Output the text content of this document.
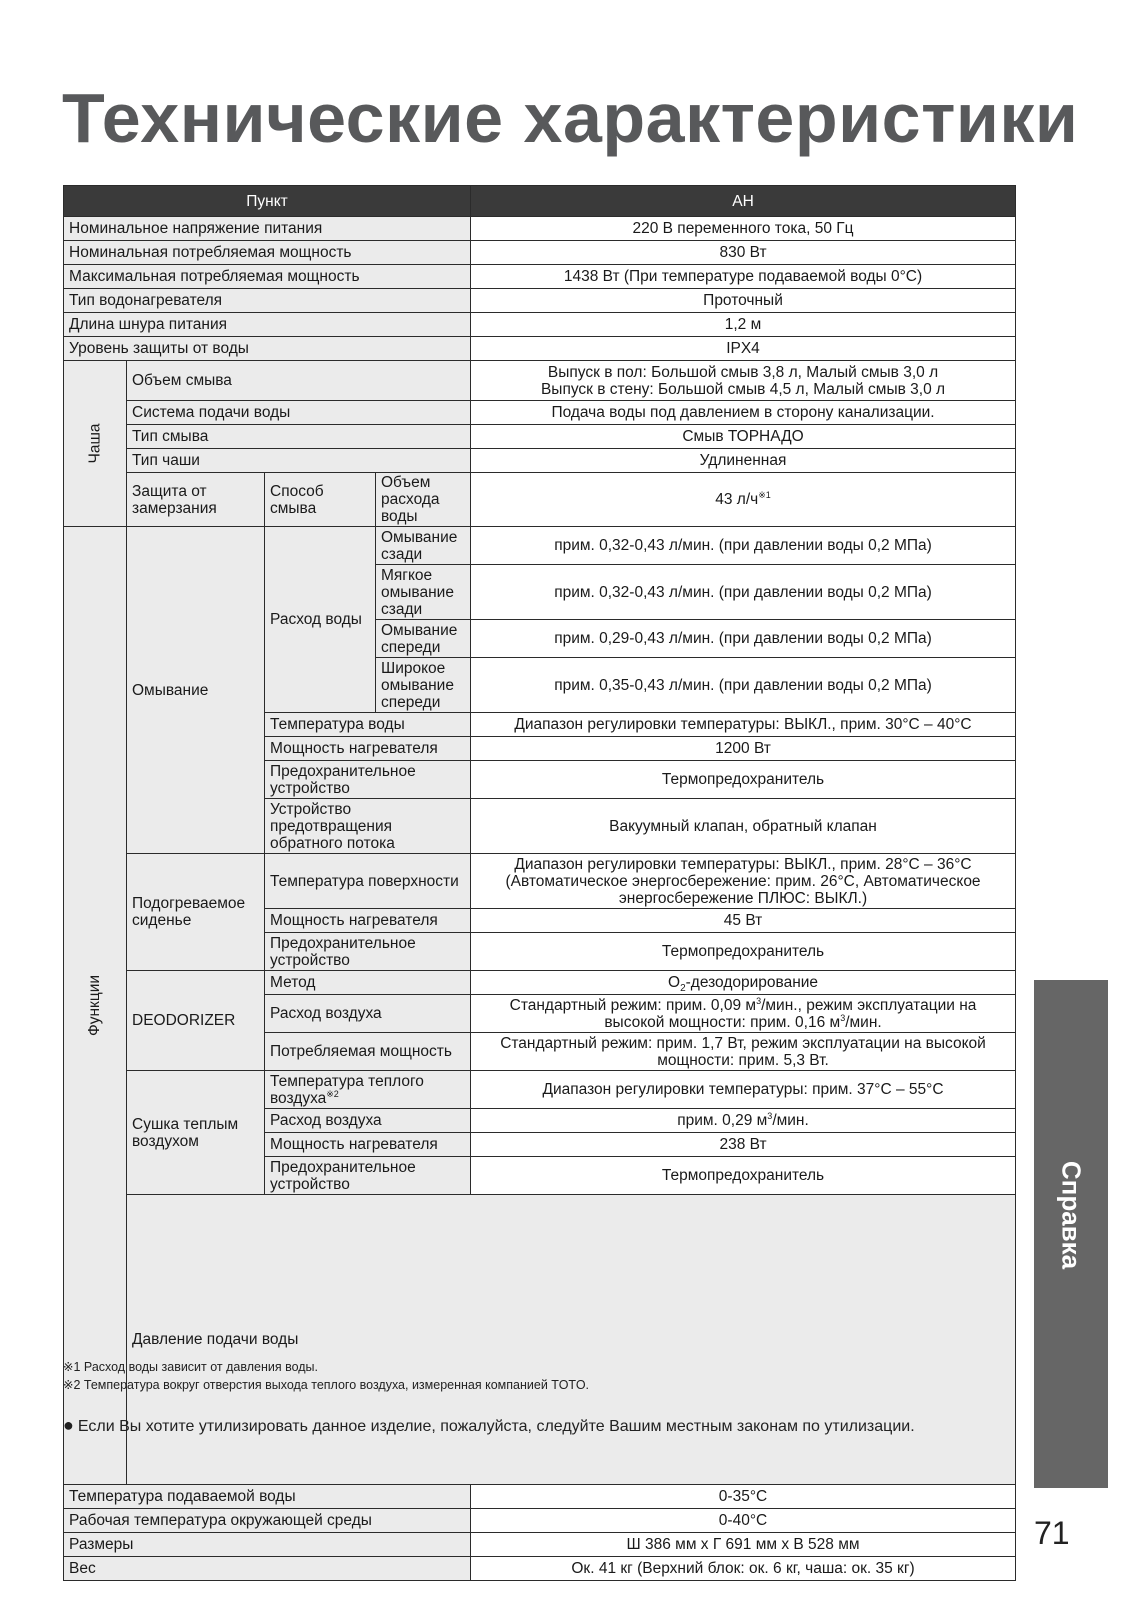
Технические характеристики
Пункт				AH	
Номинальное напряжение питания				220 В переменного тока, 50 Гц	
Номинальная потребляемая мощность				830 Вт	
Максимальная потребляемая мощность				1438 Вт (При температуре подаваемой воды 0°C)	
Тип водонагревателя				Проточный	
Длина шнура питания				1,2 м	
Уровень защиты от воды				IPX4	
Чаша	Объем смыва			Выпуск в пол: Большой смыв 3,8 л, Малый смыв 3,0 л
Выпуск в стену: Большой смыв 4,5 л, Малый смыв 3,0 л	

	Система подачи воды			Подача воды под давлением в сторону канализации.	
	Тип смыва			Смыв ТОРНАДО	
	Тип чаши			Удлиненная	
	Защита от замерзания	Способ смыва	Объем расхода воды	43 $л/ч^{※1}$
Функции	Омывание	Расход воды	Омывание сзади	прим. 0,32-0,43 л/мин. (при давлении воды 0,2 МПа)	
			Мягкое омывание сзади	прим. 0,32-0,43 л/мин. (при давлении воды 0,2 МПа)	
			Омывание спереди	прим. 0,29-0,43 л/мин. (при давлении воды 0,2 МПа)	
			Широкое омывание спереди	прим. 0,35-0,43 л/мин. (при давлении воды 0,2 МПа)	
		Температура воды		Диапазон регулировки температуры: ВЫКЛ., прим. 30°C – 40°C	
		Мощность нагревателя		1200 Вт	
		Предохранительное устройство		Термопредохранитель	
		Устройство предотвращения обратного потока		Вакуумный клапан, обратный клапан	
	Подогреваемое сиденье	Температура поверхности		Диапазон регулировки температуры: ВЫКЛ., прим. 28°C – 36°C
(Автоматическое энергосбережение: прим. 26°C, Автоматическое
энергосбережение ПЛЮС: ВЫКЛ.)	

		Мощность нагревателя		45 Вт	
		Предохранительное устройство		Термопредохранитель	
	DEODORIZER	Метод		$O_2$-дезодорирование	
		Расход воздуха		Стандартный режим: прим. 0,09 $м^3$/мин., режим эксплуатации на
высокой мощности: прим. 0,16 $м^3$/мин.	

		Потребляемая мощность		Стандартный режим: прим. 1,7 Вт, режим эксплуатации на высокой
мощности: прим. 5,3 Вт.	

	Сушка теплым воздухом	Температура теплого воздуха$^{※2}$		Диапазон регулировки температуры: прим. 37°C – 55°C	
		Расход воздуха		прим. 0,29 $м^3$/мин.	
		Мощность нагревателя		238 Вт	
		Предохранительное устройство		Термопредохранитель	
	Давление подачи воды	

Температура подаваемой воды				0-35°C	
Рабочая температура окружающей среды				0-40°C	
Размеры				Ш 386 мм x Г 691 мм x В 528 мм	
Вес				Ок. 41 кг (Верхний блок: ок. 6 кг, чаша: ок. 35 кг)	
※1 Расход воды зависит от давления воды.
※2 Температура вокруг отверстия выхода теплого воздуха, измеренная компанией TOTO.
● Если Вы хотите утилизировать данное изделие, пожалуйста, следуйте Вашим местным законам по утилизации.
Справка
71
